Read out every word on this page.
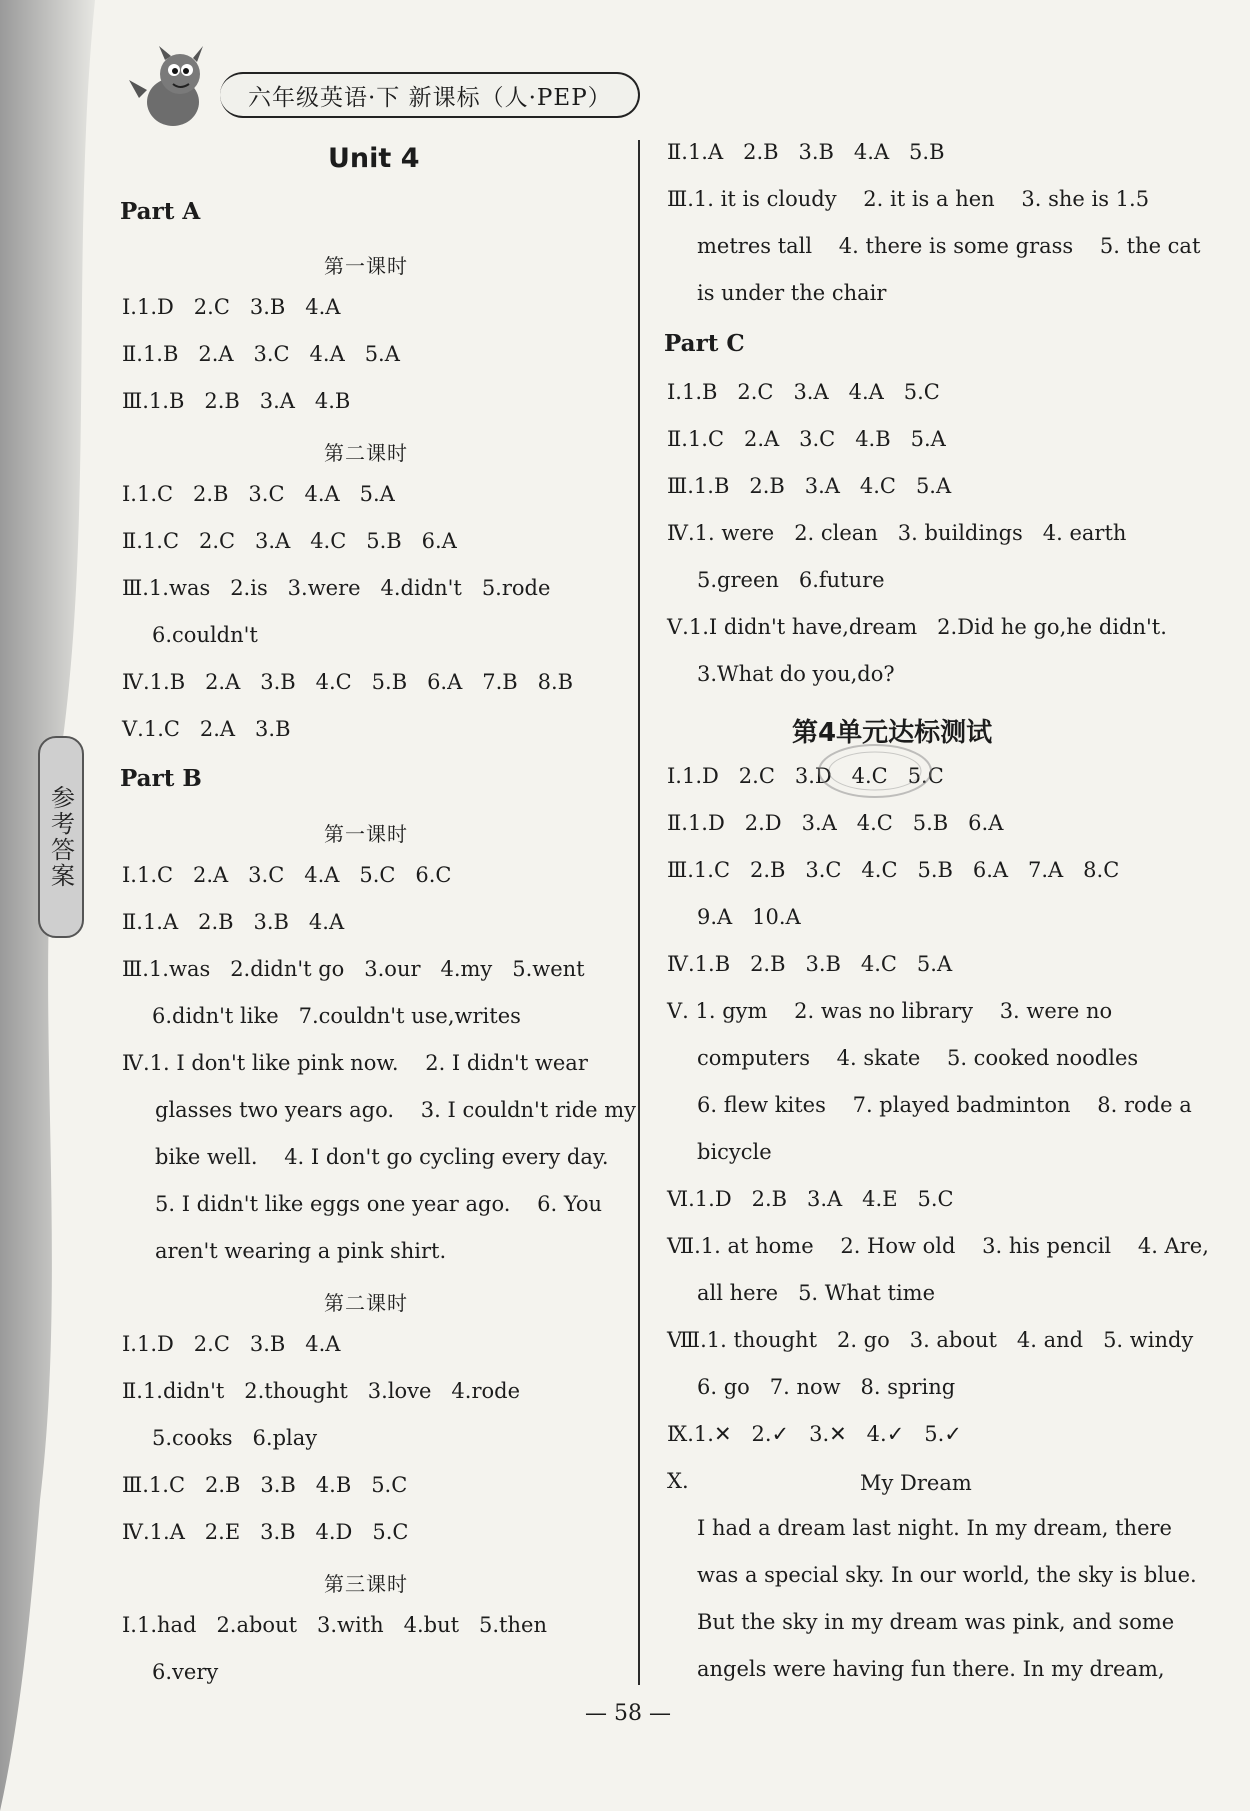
六年级英语·下 新课标（人·PEP）
参考答案
Unit 4
Part A
第一课时
Ⅰ.1.D 2.C 3.B 4.A
Ⅱ.1.B 2.A 3.C 4.A 5.A
Ⅲ.1.B 2.B 3.A 4.B
第二课时
Ⅰ.1.C 2.B 3.C 4.A 5.A
Ⅱ.1.C 2.C 3.A 4.C 5.B 6.A
Ⅲ.1.was 2.is 3.were 4.didn't 5.rode
6.couldn't
Ⅳ.1.B 2.A 3.B 4.C 5.B 6.A 7.B 8.B
Ⅴ.1.C 2.A 3.B
Part B
第一课时
Ⅰ.1.C 2.A 3.C 4.A 5.C 6.C
Ⅱ.1.A 2.B 3.B 4.A
Ⅲ.1.was 2.didn't go 3.our 4.my 5.went
6.didn't like 7.couldn't use,writes
Ⅳ.1. I don't like pink now.    2. I didn't wear
glasses two years ago.    3. I couldn't ride my
bike well.    4. I don't go cycling every day.
5. I didn't like eggs one year ago.    6. You
aren't wearing a pink shirt.
第二课时
Ⅰ.1.D 2.C 3.B 4.A
Ⅱ.1.didn't 2.thought 3.love 4.rode
5.cooks 6.play
Ⅲ.1.C 2.B 3.B 4.B 5.C
Ⅳ.1.A 2.E 3.B 4.D 5.C
第三课时
Ⅰ.1.had 2.about 3.with 4.but 5.then
6.very
Ⅱ.1.A 2.B 3.B 4.A 5.B
Ⅲ.1. it is cloudy    2. it is a hen    3. she is 1.5
metres tall    4. there is some grass    5. the cat
is under the chair
Part C
Ⅰ.1.B 2.C 3.A 4.A 5.C
Ⅱ.1.C 2.A 3.C 4.B 5.A
Ⅲ.1.B 2.B 3.A 4.C 5.A
Ⅳ.1. were 2. clean 3. buildings 4. earth
5.green 6.future
Ⅴ.1.I didn't have,dream 2.Did he go,he didn't.
3.What do you,do?
第4单元达标测试
Ⅰ.1.D 2.C 3.D 4.C 5.C
Ⅱ.1.D 2.D 3.A 4.C 5.B 6.A
Ⅲ.1.C 2.B 3.C 4.C 5.B 6.A 7.A 8.C
9.A 10.A
Ⅳ.1.B 2.B 3.B 4.C 5.A
Ⅴ. 1. gym    2. was no library    3. were no
computers    4. skate    5. cooked noodles
6. flew kites    7. played badminton    8. rode a
bicycle
Ⅵ.1.D 2.B 3.A 4.E 5.C
Ⅶ.1. at home    2. How old    3. his pencil    4. Are,
all here   5. What time
Ⅷ.1. thought 2. go 3. about 4. and 5. windy
6. go 7. now 8. spring
Ⅸ.1.✕ 2.✓ 3.✕ 4.✓ 5.✓
Ⅹ.	My Dream
I had a dream last night. In my dream, there
was a special sky. In our world, the sky is blue.
But the sky in my dream was pink, and some
angels were having fun there. In my dream,
— 58 —
